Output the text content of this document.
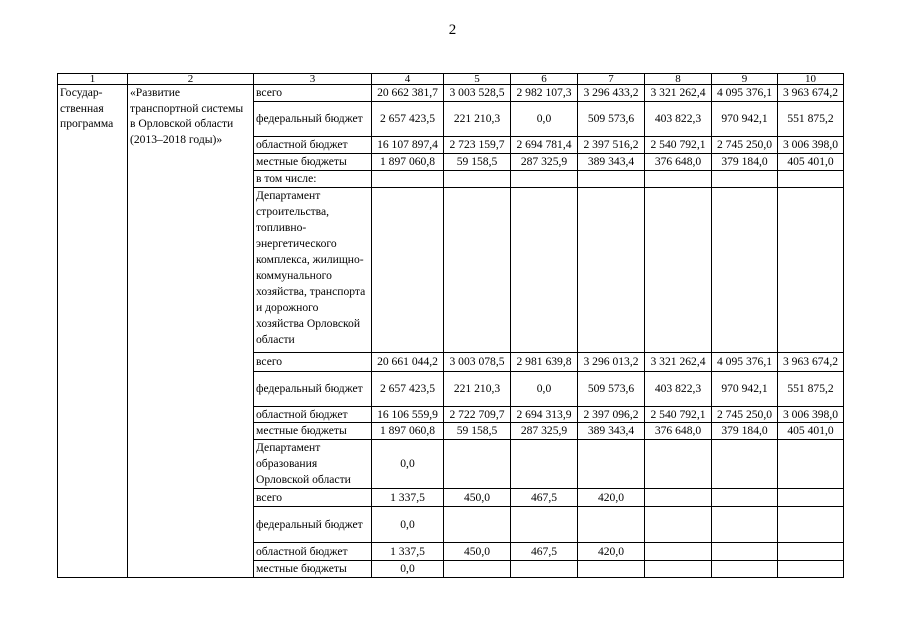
2
1	2	3	4	5	6	7	8	9	10
Государ-
ственная
программа	«Развитие транспортной системы в Орловской области (2013–2018 годы)»	всего	20 662 381,7	3 003 528,5	2 982 107,3	3 296 433,2	3 321 262,4	4 095 376,1	3 963 674,2
		федеральный бюджет	2 657 423,5	221 210,3	0,0	509 573,6	403 822,3	970 942,1	551 875,2
		областной бюджет	16 107 897,4	2 723 159,7	2 694 781,4	2 397 516,2	2 540 792,1	2 745 250,0	3 006 398,0
		местные бюджеты	1 897 060,8	59 158,5	287 325,9	389 343,4	376 648,0	379 184,0	405 401,0
		в том числе:							
		Департамент строительства, топливно-энергетического комплекса, жилищно-коммунального хозяйства, транспорта и дорожного хозяйства Орловской области							
		всего	20 661 044,2	3 003 078,5	2 981 639,8	3 296 013,2	3 321 262,4	4 095 376,1	3 963 674,2
		федеральный бюджет	2 657 423,5	221 210,3	0,0	509 573,6	403 822,3	970 942,1	551 875,2
		областной бюджет	16 106 559,9	2 722 709,7	2 694 313,9	2 397 096,2	2 540 792,1	2 745 250,0	3 006 398,0
		местные бюджеты	1 897 060,8	59 158,5	287 325,9	389 343,4	376 648,0	379 184,0	405 401,0
		Департамент образования Орловской области	0,0						
		всего	1 337,5	450,0	467,5	420,0			
		федеральный бюджет	0,0						
		областной бюджет	1 337,5	450,0	467,5	420,0			
		местные бюджеты	0,0						
